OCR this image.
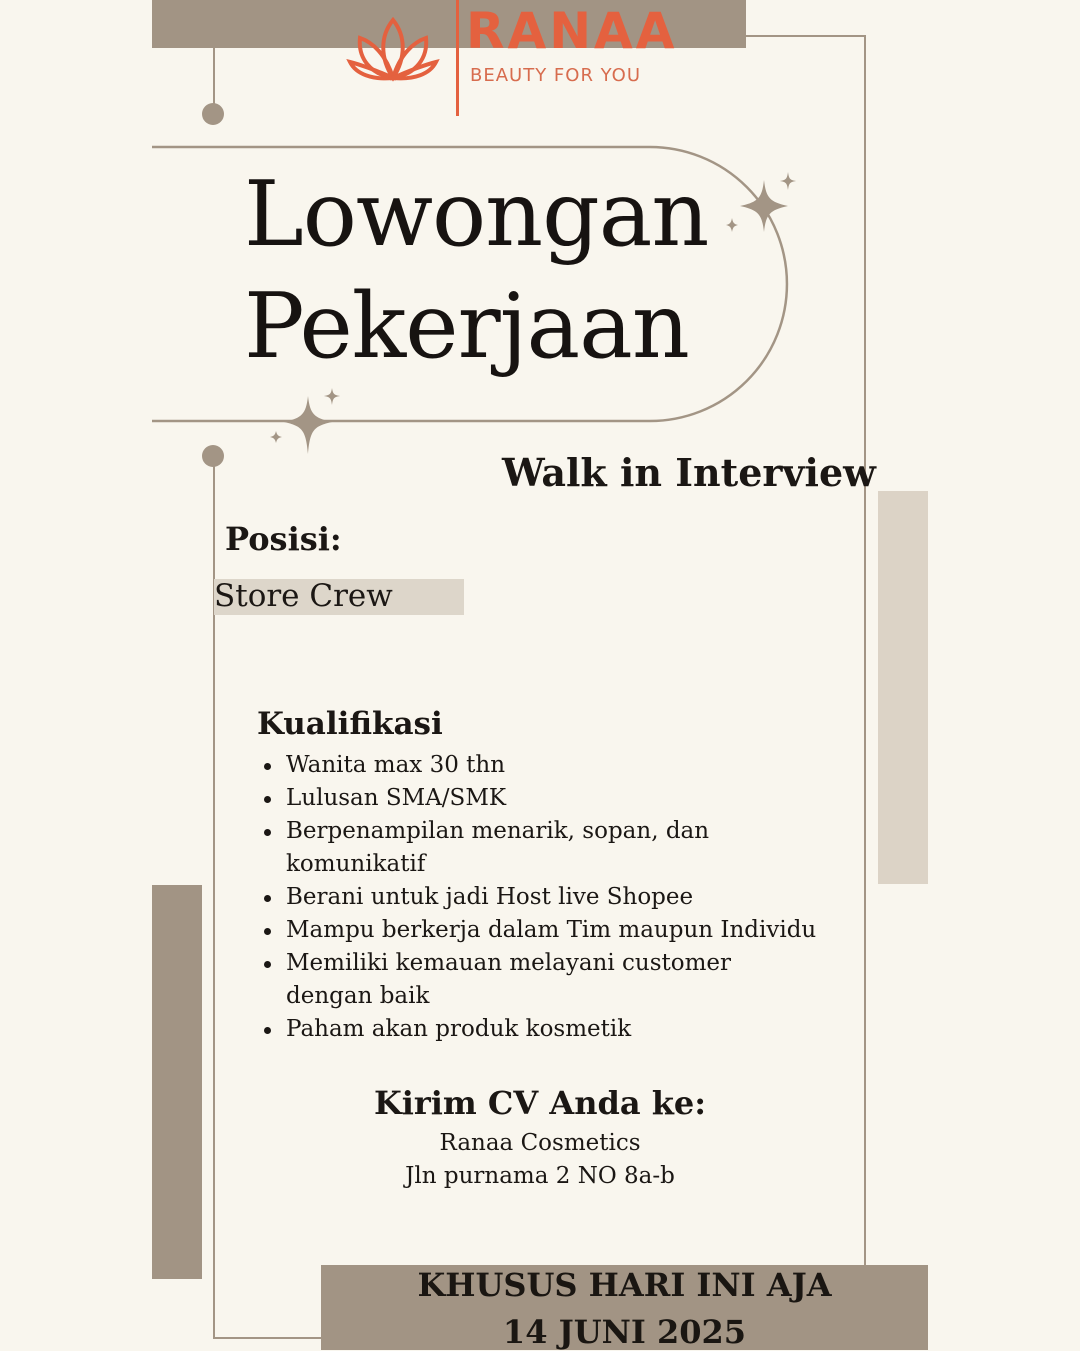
RANAA
BEAUTY FOR YOU
Lowongan
Pekerjaan
Walk in Interview
Posisi:
Store Crew
Kualifikasi
Wanita max 30 thn
Lulusan SMA/SMK
Berpenampilan menarik, sopan, dan komunikatif
Berani untuk jadi Host live Shopee
Mampu berkerja dalam Tim maupun Individu
Memiliki kemauan melayani customer dengan baik
Paham akan produk kosmetik
Kirim CV Anda ke:
Ranaa Cosmetics
Jln purnama 2 NO 8a-b
KHUSUS HARI INI AJA
14 JUNI 2025
